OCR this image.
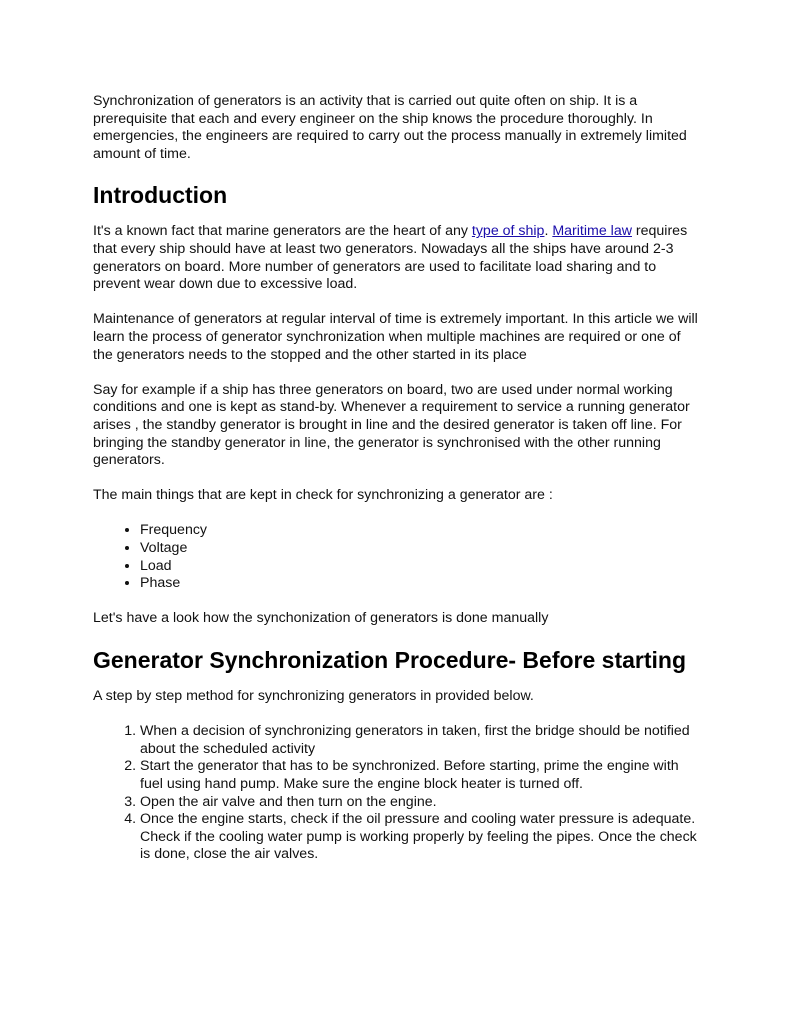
Synchronization of generators is an activity that is carried out quite often on ship. It is a prerequisite that each and every engineer on the ship knows the procedure thoroughly. In emergencies, the engineers are required to carry out the process manually in extremely limited amount of time.

Introduction

It's a known fact that marine generators are the heart of any type of ship. Maritime law requires that every ship should have at least two generators. Nowadays all the ships have around 2-3 generators on board. More number of generators are used to facilitate load sharing and to prevent wear down due to excessive load.

Maintenance of generators at regular interval of time is extremely important. In this article we will learn the process of generator synchronization when multiple machines are required or one of the generators needs to the stopped and the other started in its place

Say for example if a ship has three generators on board, two are used under normal working conditions and one is kept as stand-by. Whenever a requirement to service a running generator arises , the standby generator is brought in line and the desired generator is taken off line. For bringing the standby generator in line, the generator is synchronised with the other running generators.

The main things that are kept in check for synchronizing a generator are :

• Frequency
• Voltage
• Load
• Phase

Let's have a look how the synchonization of generators is done manually

Generator Synchronization Procedure- Before starting

A step by step method for synchronizing generators in provided below.

1. When a decision of synchronizing generators in taken, first the bridge should be notified about the scheduled activity
2. Start the generator that has to be synchronized. Before starting, prime the engine with fuel using hand pump. Make sure the engine block heater is turned off.
3. Open the air valve and then turn on the engine.
4. Once the engine starts, check if the oil pressure and cooling water pressure is adequate. Check if the cooling water pump is working properly by feeling the pipes. Once the check is done, close the air valves.
